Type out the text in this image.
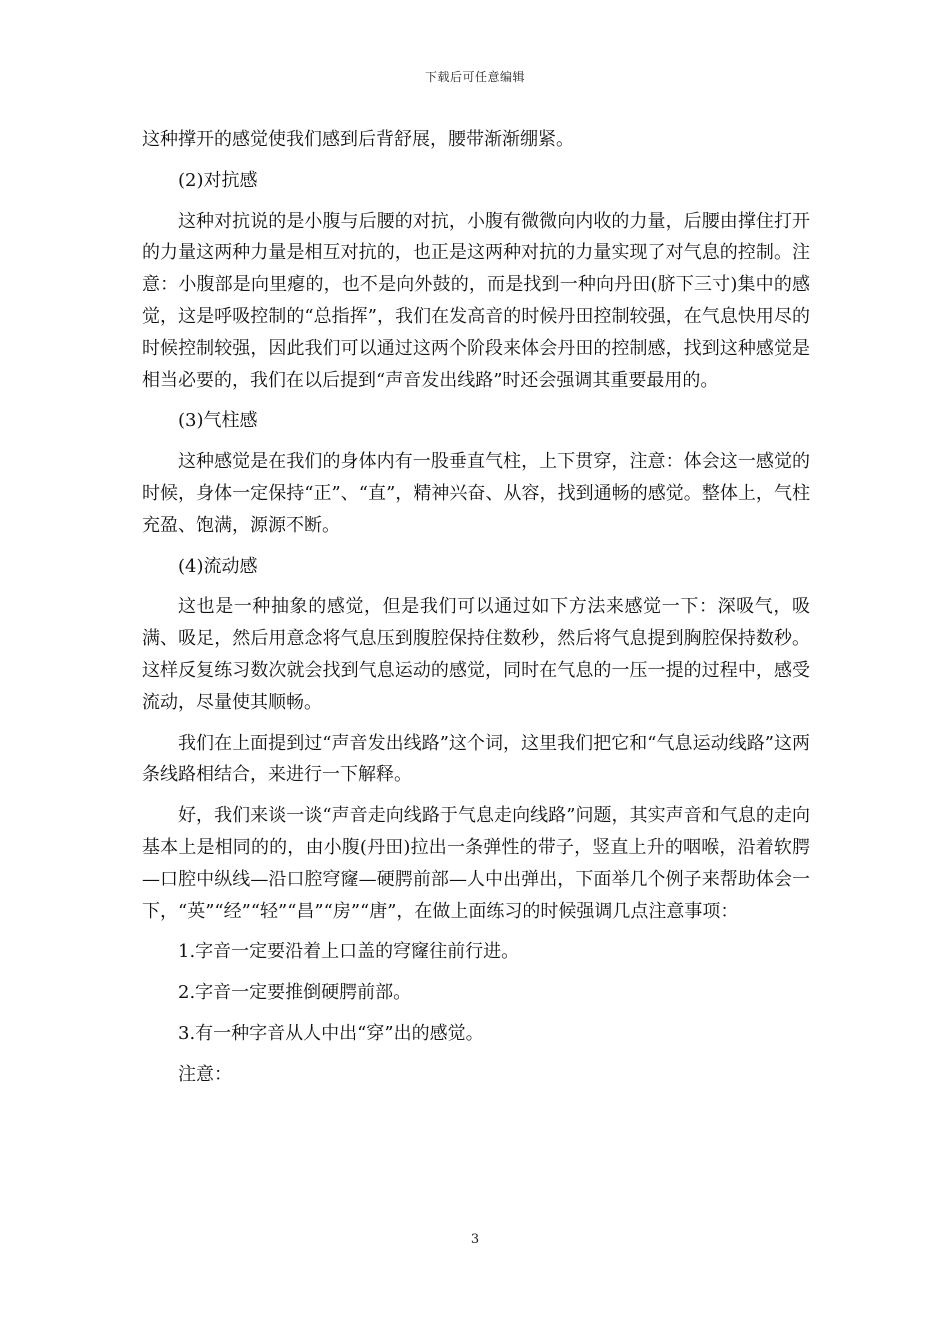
下载后可任意编辑

这种撑开的感觉使我们感到后背舒展，腰带渐渐绷紧。

(2)对抗感

这种对抗说的是小腹与后腰的对抗，小腹有微微向内收的力量，后腰由撑住打开的力量这两种力量是相互对抗的，也正是这两种对抗的力量实现了对气息的控制。注意：小腹部是向里瘪的，也不是向外鼓的，而是找到一种向丹田(脐下三寸)集中的感觉，这是呼吸控制的“总指挥”，我们在发高音的时候丹田控制较强，在气息快用尽的时候控制较强，因此我们可以通过这两个阶段来体会丹田的控制感，找到这种感觉是相当必要的，我们在以后提到“声音发出线路”时还会强调其重要最用的。

(3)气柱感

这种感觉是在我们的身体内有一股垂直气柱，上下贯穿，注意：体会这一感觉的时候，身体一定保持“正”、“直”，精神兴奋、从容，找到通畅的感觉。整体上，气柱充盈、饱满，源源不断。

(4)流动感

这也是一种抽象的感觉，但是我们可以通过如下方法来感觉一下：深吸气，吸满、吸足，然后用意念将气息压到腹腔保持住数秒，然后将气息提到胸腔保持数秒。这样反复练习数次就会找到气息运动的感觉，同时在气息的一压一提的过程中，感受流动，尽量使其顺畅。

我们在上面提到过“声音发出线路”这个词，这里我们把它和“气息运动线路”这两条线路相结合，来进行一下解释。

好，我们来谈一谈“声音走向线路于气息走向线路”问题，其实声音和气息的走向基本上是相同的的，由小腹(丹田)拉出一条弹性的带子，竖直上升的咽喉，沿着软腭—口腔中纵线—沿口腔穹窿—硬腭前部—人中出弹出，下面举几个例子来帮助体会一下，“英”“经”“轻”“昌”“房”“唐”，在做上面练习的时候强调几点注意事项：

1.字音一定要沿着上口盖的穹窿往前行进。

2.字音一定要推倒硬腭前部。

3.有一种字音从人中出“穿”出的感觉。

注意：

3
